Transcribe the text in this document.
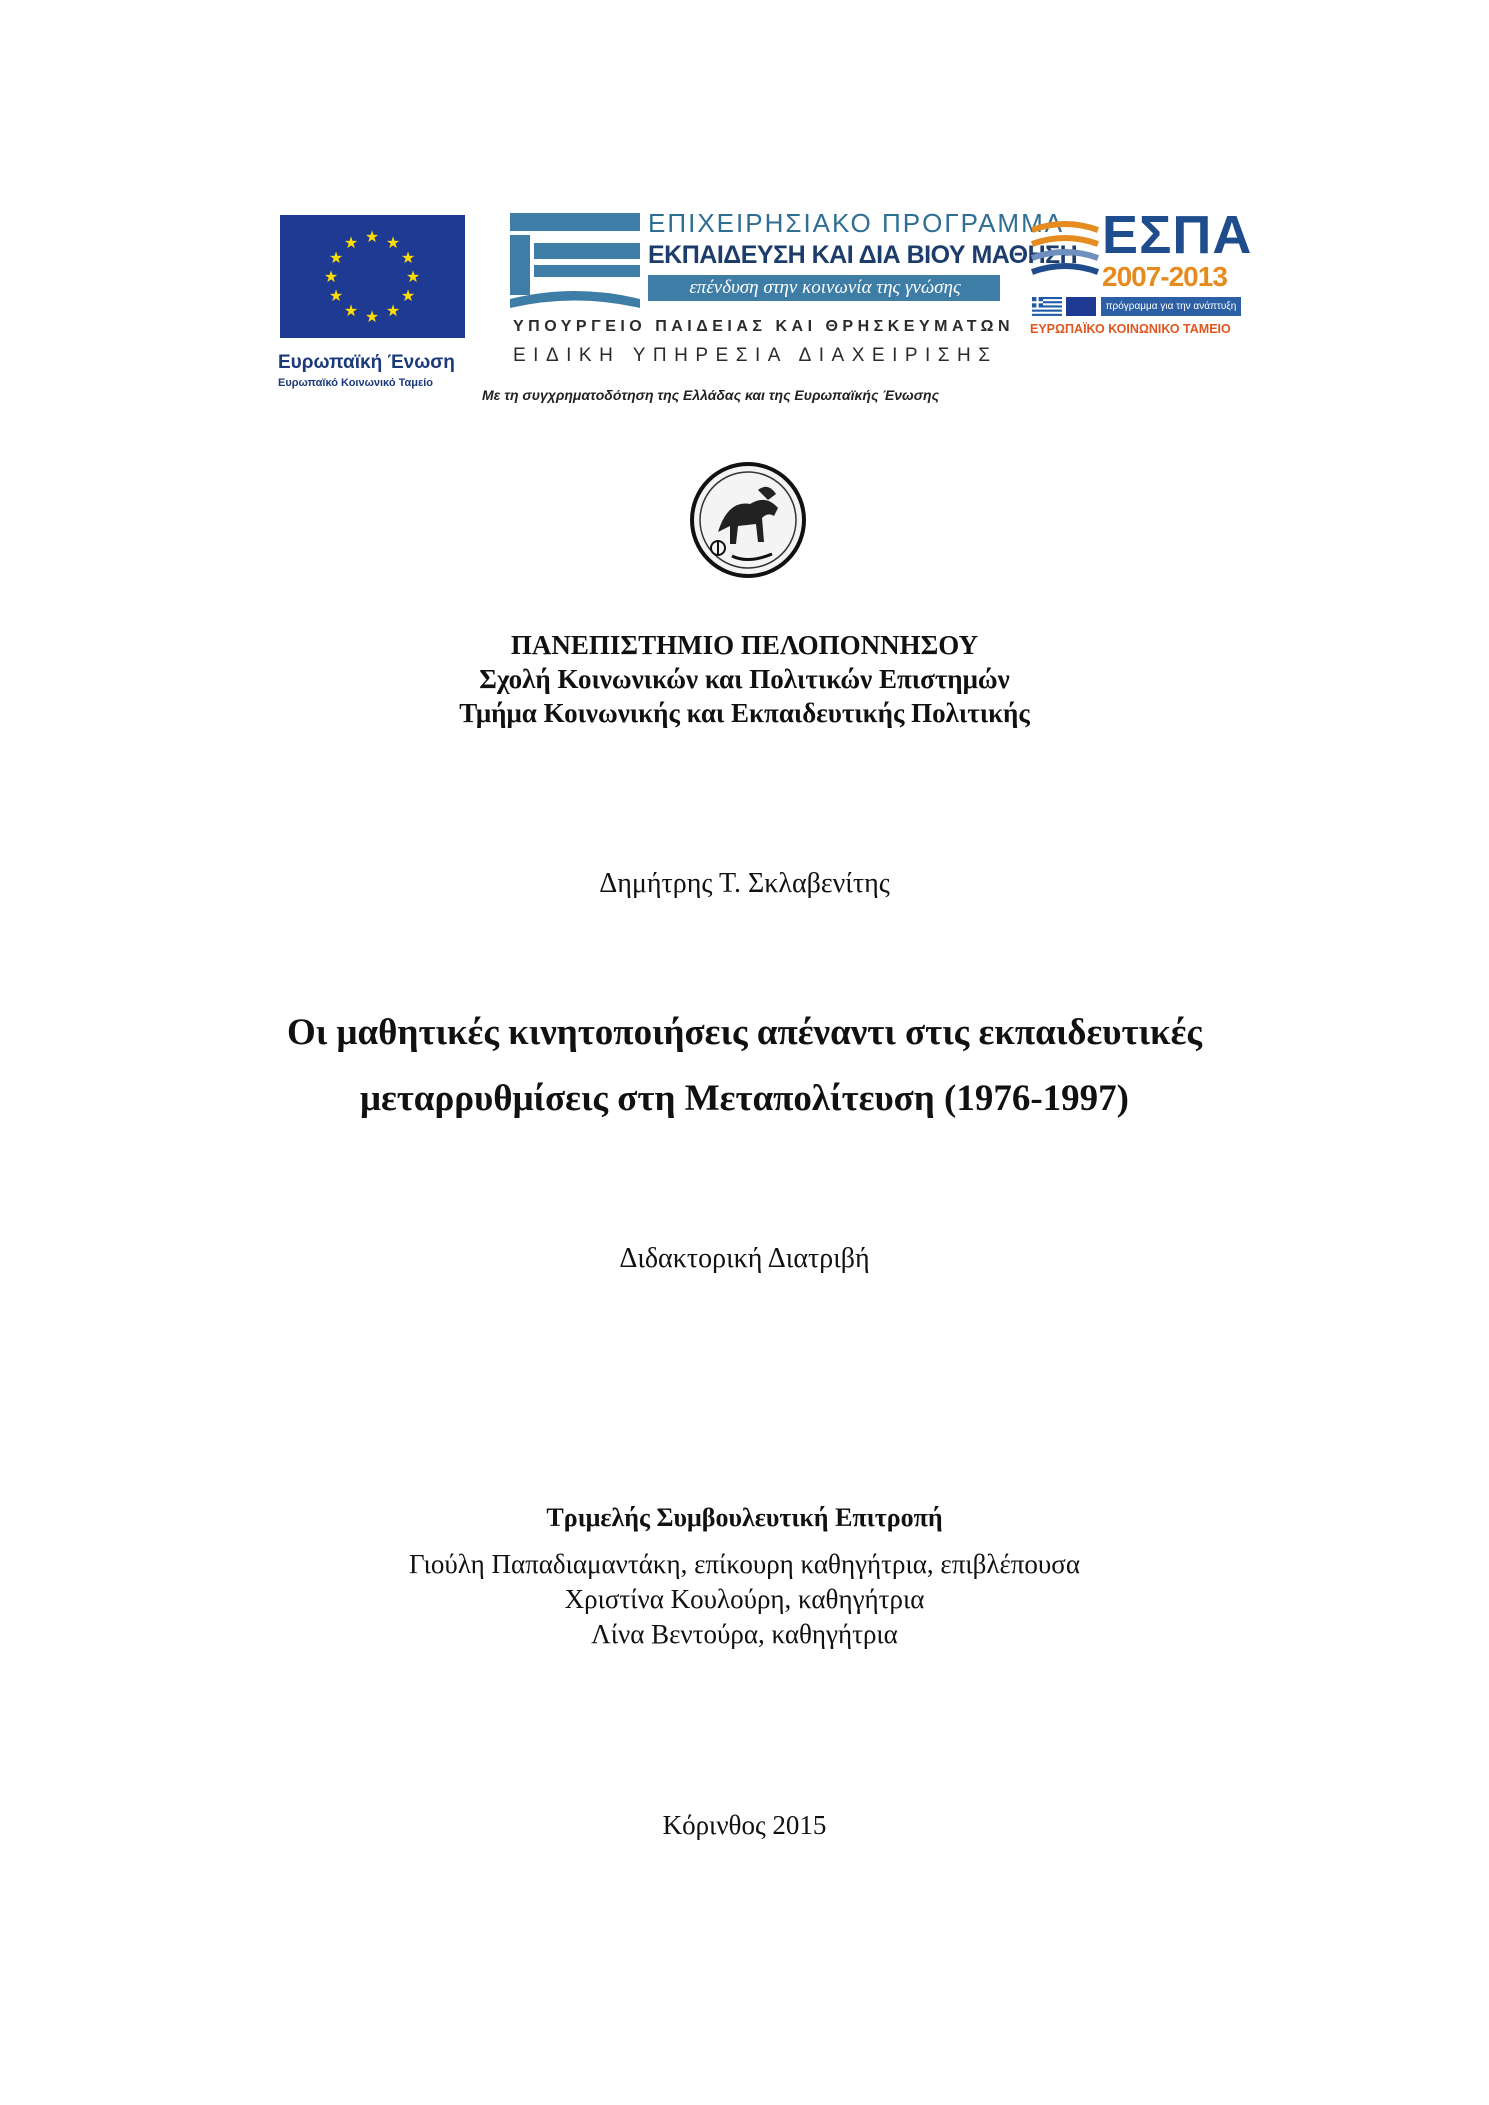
★ ★
★
★
★
★
★
★
★
★
★
★
Ευρωπαϊκή Ένωση
Ευρωπαϊκό Κοινωνικό Ταμείο
ΕΠΙΧΕΙΡΗΣΙΑΚΟ ΠΡΟΓΡΑΜΜΑ
ΕΚΠΑΙΔΕΥΣΗ ΚΑΙ ΔΙΑ ΒΙΟΥ ΜΑΘΗΣΗ
επένδυση στην κοινωνία της γνώσης
ΥΠΟΥΡΓΕΙΟ ΠΑΙΔΕΙΑΣ ΚΑΙ ΘΡΗΣΚΕΥΜΑΤΩΝ
ΕΙΔΙΚΗ ΥΠΗΡΕΣΙΑ ΔΙΑΧΕΙΡΙΣΗΣ
Με τη συγχρηματοδότηση της Ελλάδας και της Ευρωπαϊκής Ένωσης
ΕΣΠΑ
2007-2013
πρόγραμμα για την ανάπτυξη
ΕΥΡΩΠΑΪΚΟ ΚΟΙΝΩΝΙΚΟ ΤΑΜΕΙΟ
ΠΑΝΕΠΙΣΤΗΜΙΟ ΠΕΛΟΠΟΝΝΗΣΟΥ
Σχολή Κοινωνικών και Πολιτικών Επιστημών
Τμήμα Κοινωνικής και Εκπαιδευτικής Πολιτικής
Δημήτρης Τ. Σκλαβενίτης
Οι μαθητικές κινητοποιήσεις απέναντι στις εκπαιδευτικές
μεταρρυθμίσεις στη Μεταπολίτευση (1976-1997)
Διδακτορική Διατριβή
Τριμελής Συμβουλευτική Επιτροπή
Γιούλη Παπαδιαμαντάκη, επίκουρη καθηγήτρια, επιβλέπουσα
Χριστίνα Κουλούρη, καθηγήτρια
Λίνα Βεντούρα, καθηγήτρια
Κόρινθος 2015
